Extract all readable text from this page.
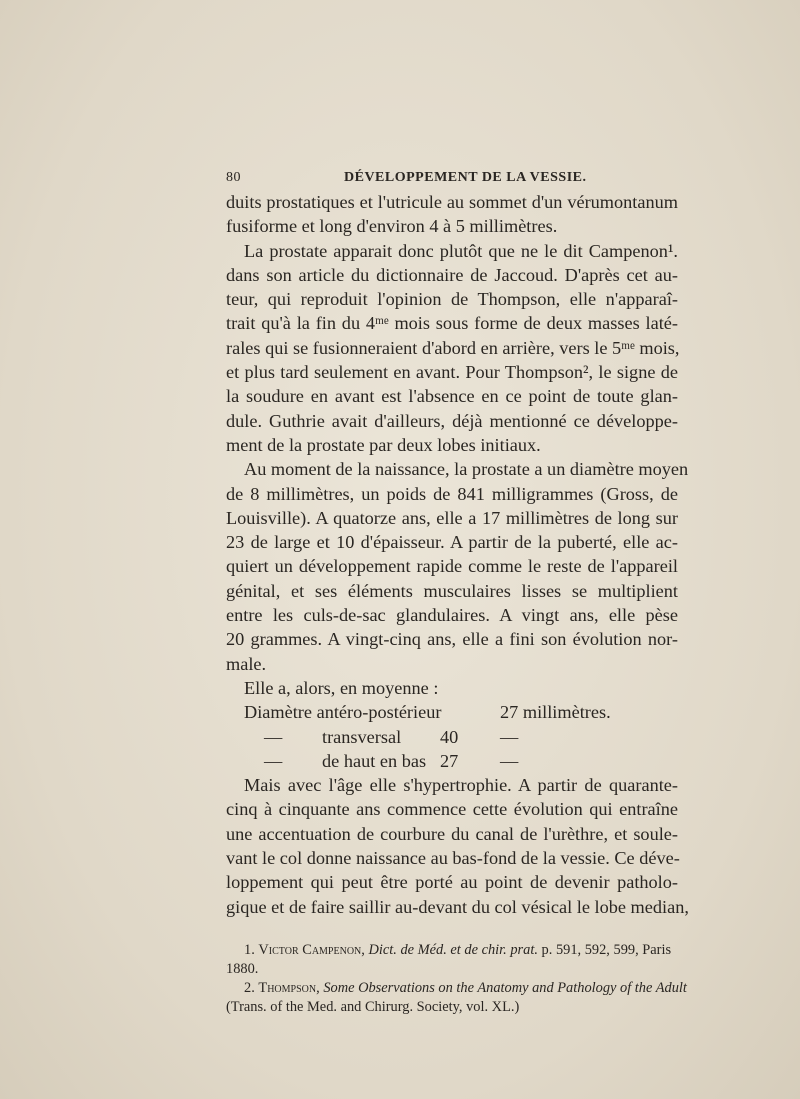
80	DÉVELOPPEMENT DE LA VESSIE.

duits prostatiques et l'utricule au sommet d'un vérumontanum
fusiforme et long d'environ 4 à 5 millimètres.

La prostate apparait donc plutôt que ne le dit Campenon¹.
dans son article du dictionnaire de Jaccoud. D'après cet au-
teur, qui reproduit l'opinion de Thompson, elle n'apparaî-
trait qu'à la fin du 4ᵐᵉ mois sous forme de deux masses laté-
rales qui se fusionneraient d'abord en arrière, vers le 5ᵐᵉ mois,
et plus tard seulement en avant. Pour Thompson², le signe de
la soudure en avant est l'absence en ce point de toute glan-
dule. Guthrie avait d'ailleurs, déjà mentionné ce développe-
ment de la prostate par deux lobes initiaux.

Au moment de la naissance, la prostate a un diamètre moyen
de 8 millimètres, un poids de 841 milligrammes (Gross, de
Louisville). A quatorze ans, elle a 17 millimètres de long sur
23 de large et 10 d'épaisseur. A partir de la puberté, elle ac-
quiert un développement rapide comme le reste de l'appareil
génital, et ses éléments musculaires lisses se multiplient
entre les culs-de-sac glandulaires. A vingt ans, elle pèse
20 grammes. A vingt-cinq ans, elle a fini son évolution nor-
male.

Elle a, alors, en moyenne :

Diamètre antéro-postérieur	27 millimètres.
— transversal 40 —
— de haut en bas 27 —

Mais avec l'âge elle s'hypertrophie. A partir de quarante-
cinq à cinquante ans commence cette évolution qui entraîne
une accentuation de courbure du canal de l'urèthre, et soule-
vant le col donne naissance au bas-fond de la vessie. Ce déve-
loppement qui peut être porté au point de devenir patholo-
gique et de faire saillir au-devant du col vésical le lobe median,

1. Victor Campenon, Dict. de Méd. et de chir. prat. p. 591, 592, 599, Paris
1880.
2. Thompson, Some Observations on the Anatomy and Pathology of the Adult
(Trans. of the Med. and Chirurg. Society, vol. XL.)
